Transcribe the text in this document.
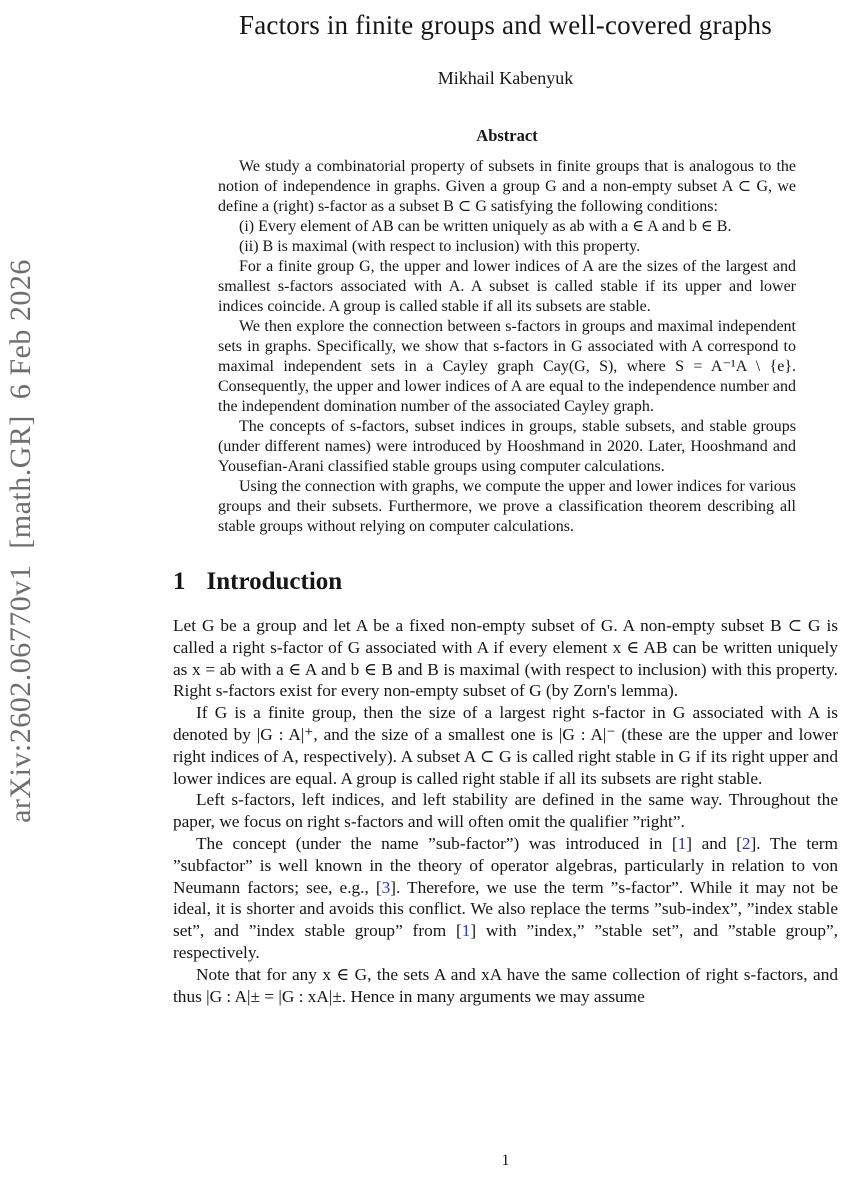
arXiv:2602.06770v1  [math.GR]  6 Feb 2026
Factors in finite groups and well-covered graphs
Mikhail Kabenyuk
Abstract

We study a combinatorial property of subsets in finite groups that is analogous to the notion of independence in graphs. Given a group G and a non-empty subset A ⊂ G, we define a (right) s-factor as a subset B ⊂ G satisfying the following conditions:

(i) Every element of AB can be written uniquely as ab with a ∈ A and b ∈ B.

(ii) B is maximal (with respect to inclusion) with this property.

For a finite group G, the upper and lower indices of A are the sizes of the largest and smallest s-factors associated with A. A subset is called stable if its upper and lower indices coincide. A group is called stable if all its subsets are stable.

We then explore the connection between s-factors in groups and maximal independent sets in graphs. Specifically, we show that s-factors in G associated with A correspond to maximal independent sets in a Cayley graph Cay(G, S), where S = A⁻¹A \ {e}. Consequently, the upper and lower indices of A are equal to the independence number and the independent domination number of the associated Cayley graph.

The concepts of s-factors, subset indices in groups, stable subsets, and stable groups (under different names) were introduced by Hooshmand in 2020. Later, Hooshmand and Yousefian-Arani classified stable groups using computer calculations.

Using the connection with graphs, we compute the upper and lower indices for various groups and their subsets. Furthermore, we prove a classification theorem describing all stable groups without relying on computer calculations.

1 Introduction

Let G be a group and let A be a fixed non-empty subset of G. A non-empty subset B ⊂ G is called a right s-factor of G associated with A if every element x ∈ AB can be written uniquely as x = ab with a ∈ A and b ∈ B and B is maximal (with respect to inclusion) with this property. Right s-factors exist for every non-empty subset of G (by Zorn's lemma).

If G is a finite group, then the size of a largest right s-factor in G associated with A is denoted by |G : A|⁺, and the size of a smallest one is |G : A|⁻ (these are the upper and lower right indices of A, respectively). A subset A ⊂ G is called right stable in G if its right upper and lower indices are equal. A group is called right stable if all its subsets are right stable.

Left s-factors, left indices, and left stability are defined in the same way. Throughout the paper, we focus on right s-factors and will often omit the qualifier ”right”.

The concept (under the name ”sub-factor”) was introduced in [1] and [2]. The term ”subfactor” is well known in the theory of operator algebras, particularly in relation to von Neumann factors; see, e.g., [3]. Therefore, we use the term ”s-factor”. While it may not be ideal, it is shorter and avoids this conflict. We also replace the terms ”sub-index”, ”index stable set”, and ”index stable group” from [1] with ”index,” ”stable set”, and ”stable group”, respectively.

Note that for any x ∈ G, the sets A and xA have the same collection of right s-factors, and thus |G : A|± = |G : xA|±. Hence in many arguments we may assume

1
